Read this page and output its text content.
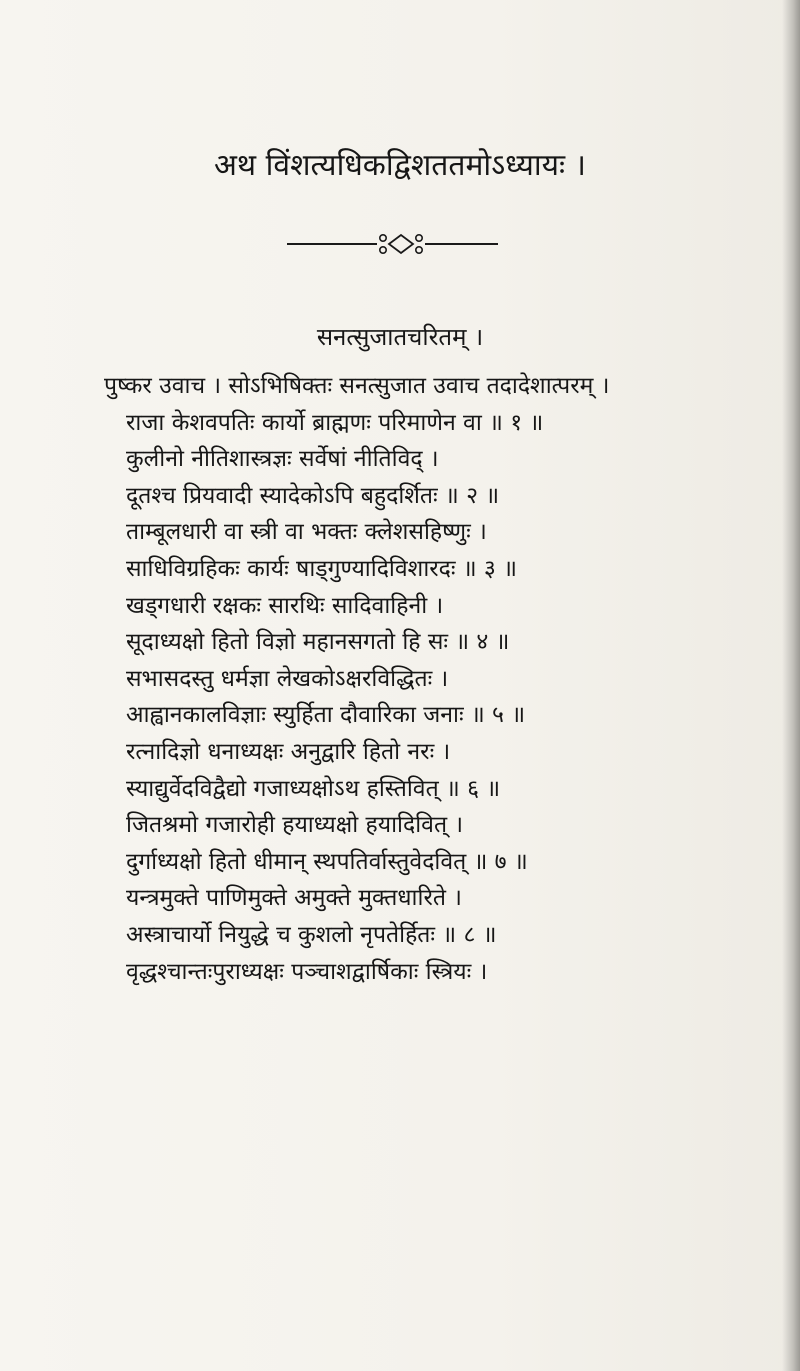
अथ विंशत्यधिकद्विशततमोऽध्यायः ।
सनत्सुजातचरितम् ।
पुष्कर उवाच । सोऽभिषिक्तः सनत्सुजात उवाच तदादेशात्परम् ।
राजा केशवपतिः कार्यो ब्राह्मणः परिमाणेन वा ॥ १ ॥
कुलीनो नीतिशास्त्रज्ञः सर्वेषां नीतिविद् ।
दूतश्च प्रियवादी स्यादेकोऽपि बहुदर्शितः ॥ २ ॥
ताम्बूलधारी वा स्त्री वा भक्तः क्लेशसहिष्णुः ।
साधिविग्रहिकः कार्यः षाड्गुण्यादिविशारदः ॥ ३ ॥
खड्गधारी रक्षकः सारथिः सादिवाहिनी ।
सूदाध्यक्षो हितो विज्ञो महानसगतो हि सः ॥ ४ ॥
सभासदस्तु धर्मज्ञा लेखकोऽक्षरविद्धितः ।
आह्वानकालविज्ञाः स्युर्हिता दौवारिका जनाः ॥ ५ ॥
रत्नादिज्ञो धनाध्यक्षः अनुद्वारि हितो नरः ।
स्याद्युर्वेदविद्वैद्यो गजाध्यक्षोऽथ हस्तिवित् ॥ ६ ॥
जितश्रमो गजारोही हयाध्यक्षो हयादिवित् ।
दुर्गाध्यक्षो हितो धीमान् स्थपतिर्वास्तुवेदवित् ॥ ७ ॥
यन्त्रमुक्ते पाणिमुक्ते अमुक्ते मुक्तधारिते ।
अस्त्राचार्यो नियुद्धे च कुशलो नृपतेर्हितः ॥ ८ ॥
वृद्धश्चान्तःपुराध्यक्षः पञ्चाशद्वार्षिकाः स्त्रियः ।
